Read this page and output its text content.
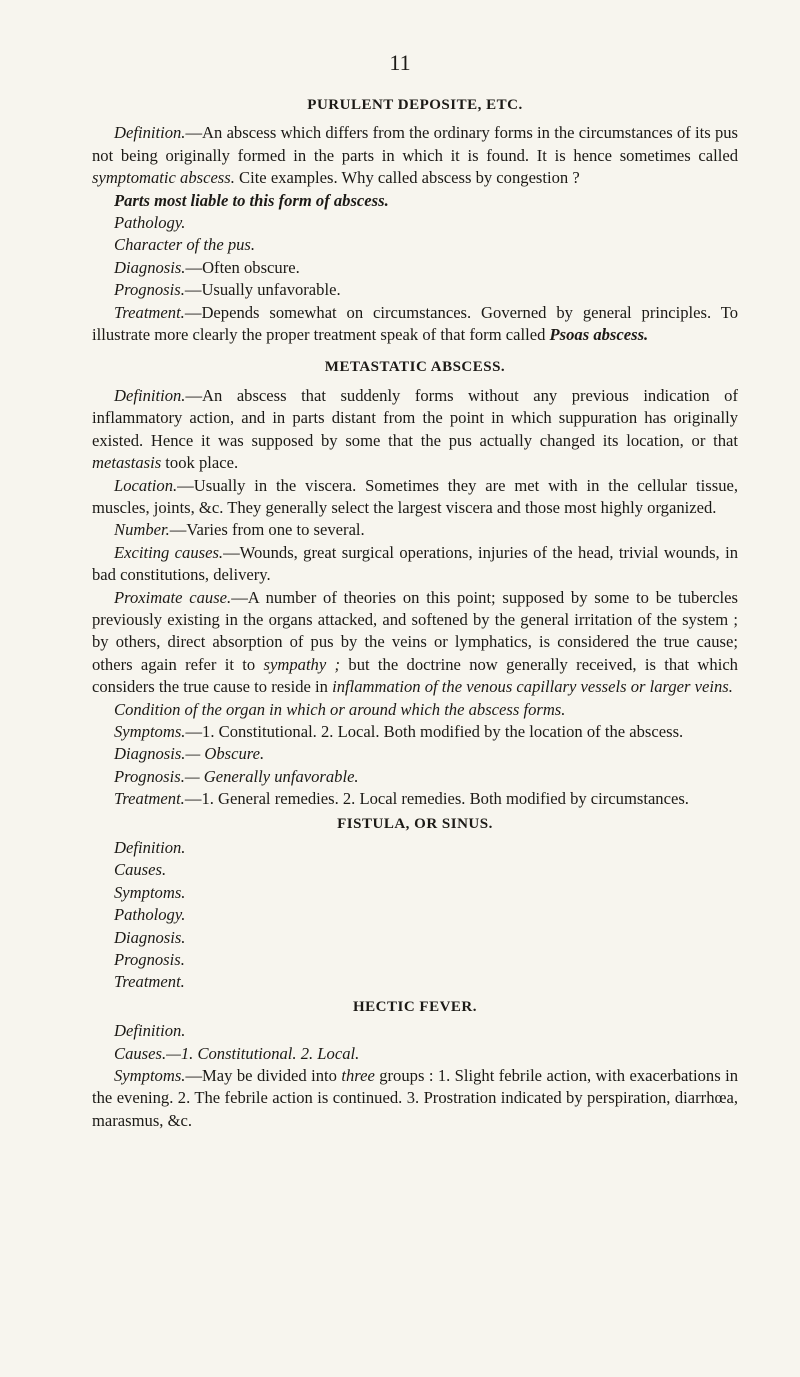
11
PURULENT DEPOSITE, ETC.

Definition.—An abscess which differs from the ordinary forms in the circumstances of its pus not being originally formed in the parts in which it is found. It is hence sometimes called symptomatic abscess. Cite examples. Why called abscess by congestion ?

Parts most liable to this form of abscess.

Pathology.

Character of the pus.

Diagnosis.—Often obscure.

Prognosis.—Usually unfavorable.

Treatment.—Depends somewhat on circumstances. Governed by general principles. To illustrate more clearly the proper treatment speak of that form called Psoas abscess.

METASTATIC ABSCESS.

Definition.—An abscess that suddenly forms without any previous indication of inflammatory action, and in parts distant from the point in which suppuration has originally existed. Hence it was supposed by some that the pus actually changed its location, or that metastasis took place.

Location.—Usually in the viscera. Sometimes they are met with in the cellular tissue, muscles, joints, &c. They generally select the largest viscera and those most highly organized.

Number.—Varies from one to several.

Exciting causes.—Wounds, great surgical operations, injuries of the head, trivial wounds, in bad constitutions, delivery.

Proximate cause.—A number of theories on this point; supposed by some to be tubercles previously existing in the organs attacked, and softened by the general irritation of the system ; by others, direct absorption of pus by the veins or lymphatics, is considered the true cause; others again refer it to sympathy ; but the doctrine now generally received, is that which considers the true cause to reside in inflammation of the venous capillary vessels or larger veins.

Condition of the organ in which or around which the abscess forms.

Symptoms.—1. Constitutional. 2. Local. Both modified by the location of the abscess.

Diagnosis.— Obscure.

Prognosis.— Generally unfavorable.

Treatment.—1. General remedies. 2. Local remedies. Both modified by circumstances.

FISTULA, OR SINUS.

Definition.

Causes.

Symptoms.

Pathology.

Diagnosis.

Prognosis.

Treatment.

HECTIC FEVER.

Definition.

Causes.—1. Constitutional. 2. Local.

Symptoms.—May be divided into three groups : 1. Slight febrile action, with exacerbations in the evening. 2. The febrile action is continued. 3. Prostration indicated by perspiration, diarrhœa, marasmus, &c.
